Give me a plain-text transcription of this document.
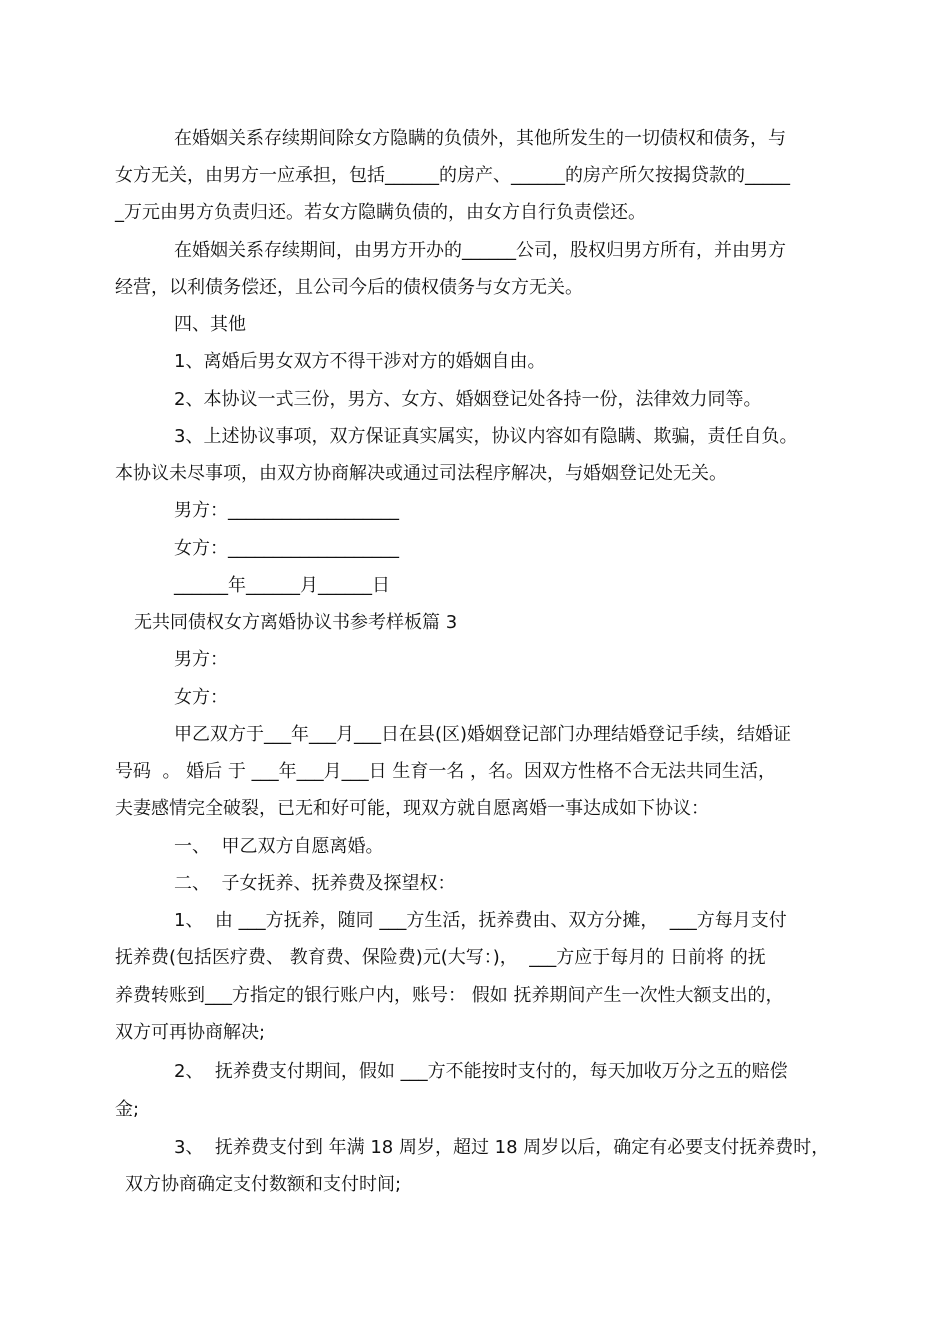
在婚姻关系存续期间除女方隐瞒的负债外，其他所发生的一切债权和债务，与
女方无关，由男方一应承担，包括______的房产、______的房产所欠按揭贷款的_____
_万元由男方负责归还。若女方隐瞒负债的，由女方自行负责偿还。
在婚姻关系存续期间，由男方开办的______公司，股权归男方所有，并由男方
经营，以利债务偿还，且公司今后的债权债务与女方无关。
四、其他
1、离婚后男女双方不得干涉对方的婚姻自由。
2、本协议一式三份，男方、女方、婚姻登记处各持一份，法律效力同等。
3、上述协议事项，双方保证真实属实，协议内容如有隐瞒、欺骗，责任自负。
本协议未尽事项，由双方协商解决或通过司法程序解决，与婚姻登记处无关。
男方：___________________
女方：___________________
______年______月______日
无共同债权女方离婚协议书参考样板篇 3
男方：
女方：
甲乙双方于___年___月___日在县(区)婚姻登记部门办理结婚登记手续，结婚证
号码  。 婚后 于 ___年___月___日 生育一名 ，名。因双方性格不合无法共同生活，
夫妻感情完全破裂，已无和好可能，现双方就自愿离婚一事达成如下协议：
一、  甲乙双方自愿离婚。
二、  子女抚养、抚养费及探望权：
1、  由 ___方抚养，随同 ___方生活，抚养费由、双方分摊，  ___方每月支付
抚养费(包括医疗费、 教育费、保险费)元(大写：)，  ___方应于每月的 日前将 的抚
养费转账到___方指定的银行账户内，账号： 假如 抚养期间产生一次性大额支出的，
双方可再协商解决;
2、  抚养费支付期间，假如 ___方不能按时支付的，每天加收万分之五的赔偿
金;
3、  抚养费支付到 年满 18 周岁，超过 18 周岁以后，确定有必要支付抚养费时，
双方协商确定支付数额和支付时间;
